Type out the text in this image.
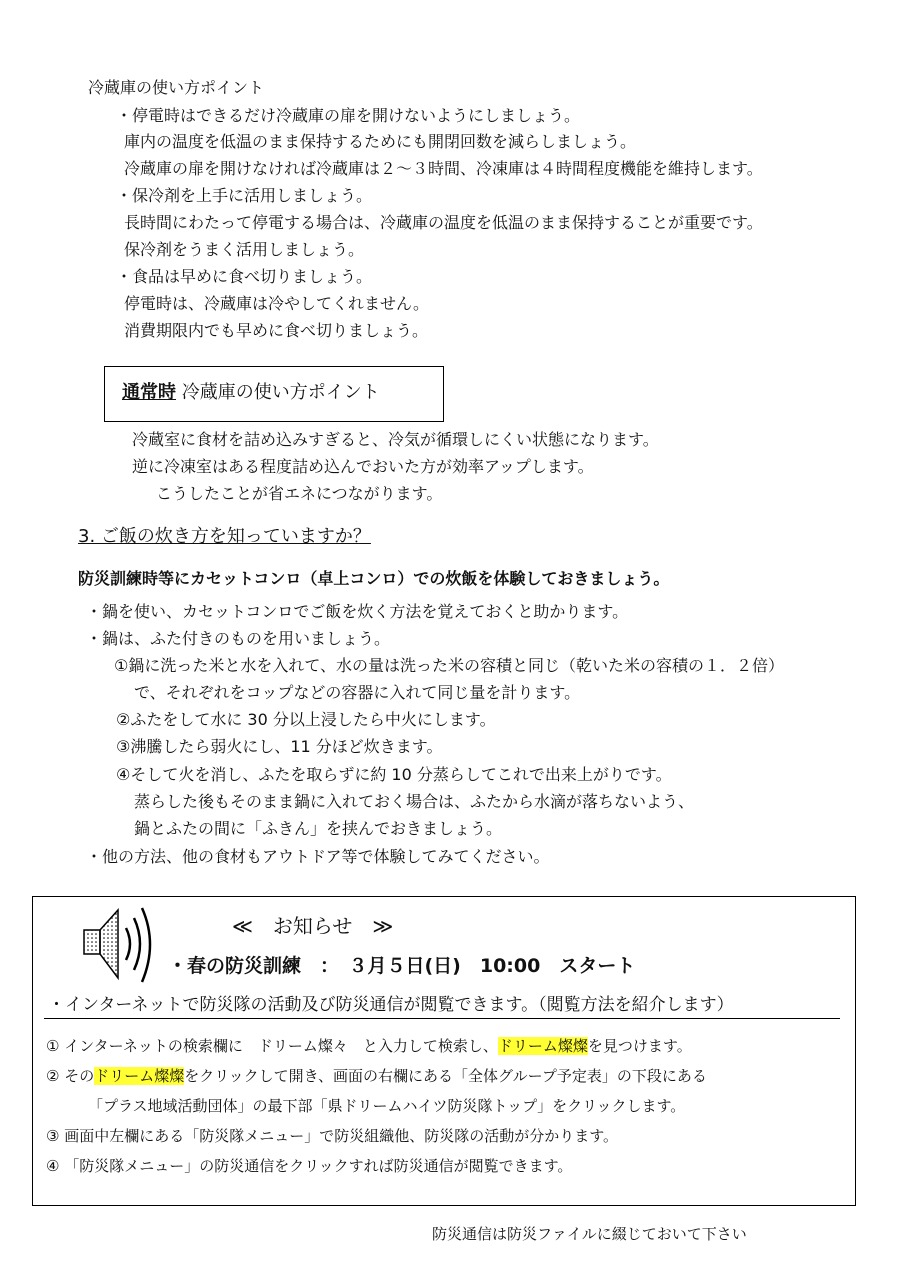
冷蔵庫の使い方ポイント
・停電時はできるだけ冷蔵庫の扉を開けないようにしましょう。
庫内の温度を低温のまま保持するためにも開閉回数を減らしましょう。
冷蔵庫の扉を開けなければ冷蔵庫は２～３時間、冷凍庫は４時間程度機能を維持します。
・保冷剤を上手に活用しましょう。
長時間にわたって停電する場合は、冷蔵庫の温度を低温のまま保持することが重要です。
保冷剤をうまく活用しましょう。
・食品は早めに食べ切りましょう。
停電時は、冷蔵庫は冷やしてくれません。
消費期限内でも早めに食べ切りましょう。
通常時 冷蔵庫の使い方ポイント
冷蔵室に食材を詰め込みすぎると、冷気が循環しにくい状態になります。
逆に冷凍室はある程度詰め込んでおいた方が効率アップします。
こうしたことが省エネにつながります。
3. ご飯の炊き方を知っていますか？
防災訓練時等にカセットコンロ（卓上コンロ）での炊飯を体験しておきましょう。
・鍋を使い、カセットコンロでご飯を炊く方法を覚えておくと助かります。
・鍋は、ふた付きのものを用いましょう。
①鍋に洗った米と水を入れて、水の量は洗った米の容積と同じ（乾いた米の容積の１．２倍）
で、それぞれをコップなどの容器に入れて同じ量を計ります。
②ふたをして水に 30 分以上浸したら中火にします。
③沸騰したら弱火にし、11 分ほど炊きます。
④そして火を消し、ふたを取らずに約 10 分蒸らしてこれで出来上がりです。
蒸らした後もそのまま鍋に入れておく場合は、ふたから水滴が落ちないよう、
鍋とふたの間に「ふきん」を挟んでおきましょう。
・他の方法、他の食材もアウトドア等で体験してみてください。
≪　お知らせ　≫
・春の防災訓練　：　３月５日(日)　10:00　スタート
・インターネットで防災隊の活動及び防災通信が閲覧できます。（閲覧方法を紹介します）
① インターネットの検索欄に　ドリーム燦々　と入力して検索し、ドリーム燦燦を見つけます。
② そのドリーム燦燦をクリックして開き、画面の右欄にある「全体グループ予定表」の下段にある
「プラス地域活動団体」の最下部「県ドリームハイツ防災隊トップ」をクリックします。
③ 画面中左欄にある「防災隊メニュー」で防災組織他、防災隊の活動が分かります。
④ 「防災隊メニュー」の防災通信をクリックすれば防災通信が閲覧できます。
防災通信は防災ファイルに綴じておいて下さい
